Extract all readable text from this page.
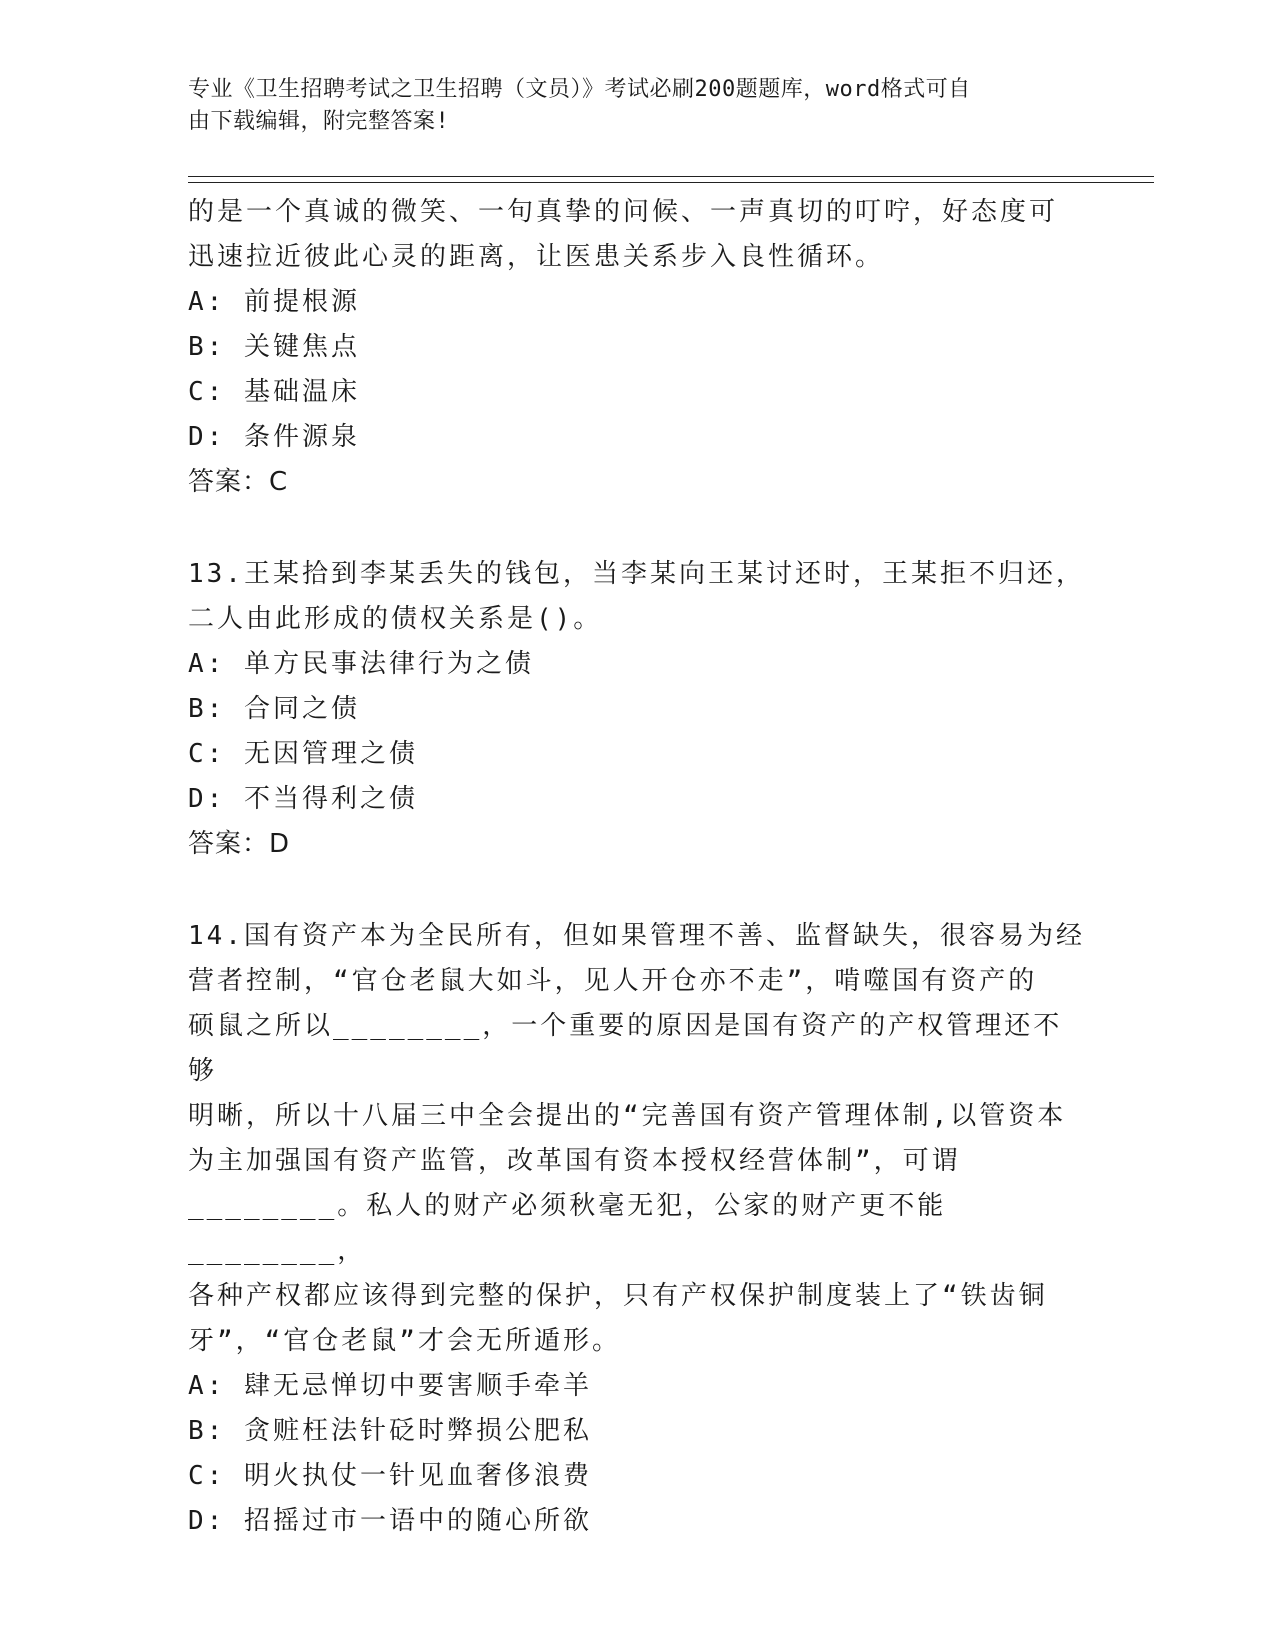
专业《卫生招聘考试之卫生招聘（文员）》考试必刷200题题库，word格式可自
由下载编辑，附完整答案!
的是一个真诚的微笑、一句真挚的问候、一声真切的叮咛，好态度可
迅速拉近彼此心灵的距离，让医患关系步入良性循环。
A: 前提根源
B: 关键焦点
C: 基础温床
D: 条件源泉
答案：C
13.王某拾到李某丢失的钱包，当李某向王某讨还时，王某拒不归还，
二人由此形成的债权关系是()。
A: 单方民事法律行为之债
B: 合同之债
C: 无因管理之债
D: 不当得利之债
答案：D
14.国有资产本为全民所有，但如果管理不善、监督缺失，很容易为经
营者控制，“官仓老鼠大如斗，见人开仓亦不走”，啃噬国有资产的
硕鼠之所以________，一个重要的原因是国有资产的产权管理还不够
明晰，所以十八届三中全会提出的“完善国有资产管理体制,以管资本
为主加强国有资产监管，改革国有资本授权经营体制”，可谓
________。私人的财产必须秋毫无犯，公家的财产更不能________，
各种产权都应该得到完整的保护，只有产权保护制度装上了“铁齿铜
牙”，“官仓老鼠”才会无所遁形。
A: 肆无忌惮切中要害顺手牵羊
B: 贪赃枉法针砭时弊损公肥私
C: 明火执仗一针见血奢侈浪费
D: 招摇过市一语中的随心所欲
